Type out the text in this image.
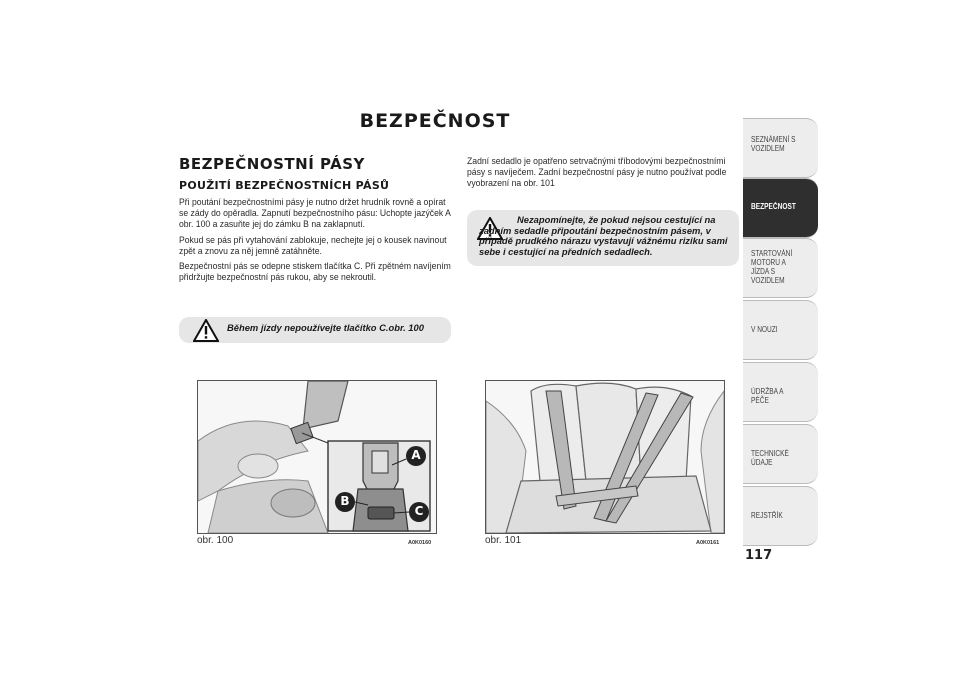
BEZPEČNOST
BEZPEČNOSTNÍ PÁSY
POUŽITÍ BEZPEČNOSTNÍCH PÁSŮ

Při poutání bezpečnostními pásy je nutno držet hrudník rovně a opírat se zády do opěradla. Zapnutí bezpečnostního pásu: Uchopte jazýček A obr. 100 a zasuňte jej do zámku B na zaklapnutí.

Pokud se pás při vytahování zablokuje, nechejte jej o kousek navinout zpět a znovu za něj jemně zatáhněte.

Bezpečnostní pás se odepne stiskem tlačítka C. Při zpětném navíjením přidržujte bezpečnostní pás rukou, aby se nekroutil.

Během jízdy nepoužívejte tlačítko C.obr. 100

Zadní sedadlo je opatřeno setrvačnými tříbodovými bezpečnostními pásy s navíječem. Zadní bezpečnostní pásy je nutno používat podle vyobrazení na obr. 101

Nezapomínejte, že pokud nejsou cestující na zadním sedadle připoutáni bezpečnostním pásem, v případě prudkého nárazu vystavují vážnému riziku sami sebe i cestující na předních sedadlech.
A
B
C
obr. 100	A0K0160	obr. 101	A0K0161
SEZNÁMENÍ S VOZIDLEM
BEZPEČNOST
STARTOVÁNÍ MOTORU A JÍZDA S VOZIDLEM
V NOUZI
ÚDRŽBA A PÉČE
TECHNICKÉ ÚDAJE
REJSTŘÍK
117
